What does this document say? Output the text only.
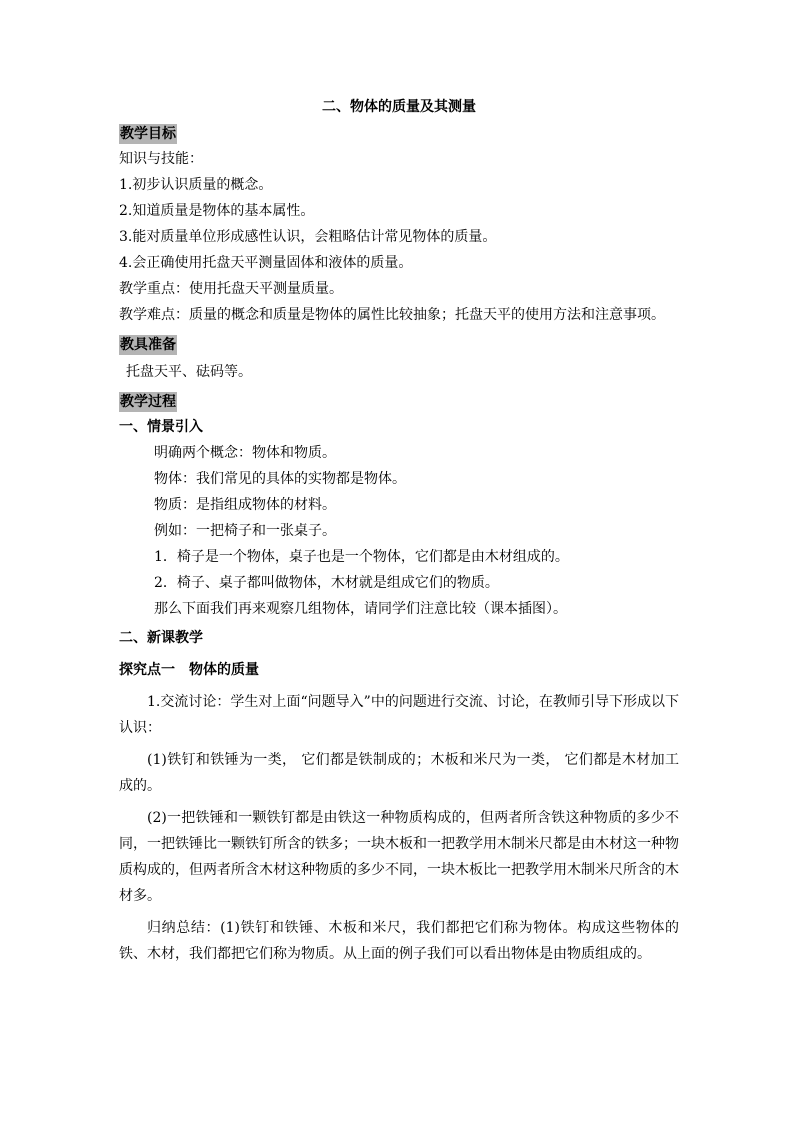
二、物体的质量及其测量
教学目标
知识与技能：
1.初步认识质量的概念。
2.知道质量是物体的基本属性。
3.能对质量单位形成感性认识，会粗略估计常见物体的质量。
4.会正确使用托盘天平测量固体和液体的质量。
教学重点：使用托盘天平测量质量。
教学难点：质量的概念和质量是物体的属性比较抽象；托盘天平的使用方法和注意事项。
教具准备
托盘天平、砝码等。
教学过程
一、情景引入
明确两个概念：物体和物质。
物体：我们常见的具体的实物都是物体。
物质：是指组成物体的材料。
例如：一把椅子和一张桌子。
1．椅子是一个物体，桌子也是一个物体，它们都是由木材组成的。
2．椅子、桌子都叫做物体，木材就是组成它们的物质。
那么下面我们再来观察几组物体，请同学们注意比较（课本插图）。
二、新课教学
探究点一　物体的质量
1.交流讨论：学生对上面“问题导入”中的问题进行交流、讨论，在教师引导下形成以下认识：
(1)铁钉和铁锤为一类， 它们都是铁制成的；木板和米尺为一类， 它们都是木材加工成的。
(2)一把铁锤和一颗铁钉都是由铁这一种物质构成的，但两者所含铁这种物质的多少不同，一把铁锤比一颗铁钉所含的铁多；一块木板和一把教学用木制米尺都是由木材这一种物质构成的，但两者所含木材这种物质的多少不同，一块木板比一把教学用木制米尺所含的木材多。
归纳总结：(1)铁钉和铁锤、木板和米尺，我们都把它们称为物体。构成这些物体的铁、木材，我们都把它们称为物质。从上面的例子我们可以看出物体是由物质组成的。
